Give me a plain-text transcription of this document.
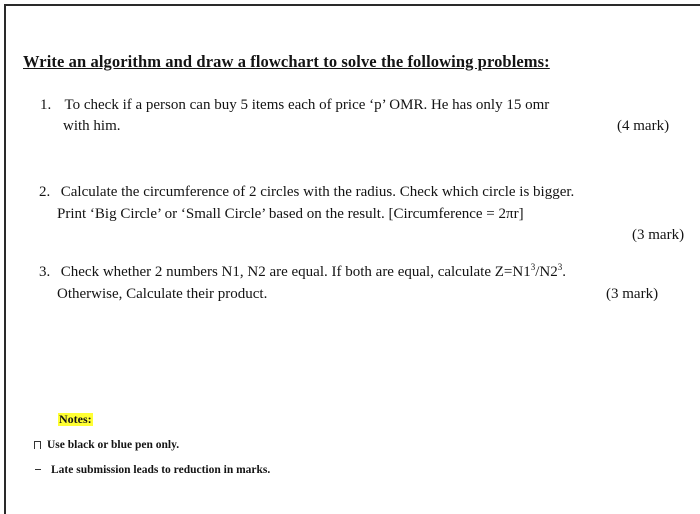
Write an algorithm and draw a flowchart to solve the following problems:
1. To check if a person can buy 5 items each of price ‘p’ OMR. He has only 15 omr
with him.	(4 mark)
2. Calculate the circumference of 2 circles with the radius. Check which circle is bigger.
Print ‘Big Circle’ or ‘Small Circle’ based on the result. [Circumference = 2πr]
(3 mark)
3. Check whether 2 numbers N1, N2 are equal. If both are equal, calculate $Z=N1^3/N2^3$.
Otherwise, Calculate their product.	(3 mark)
Notes:
Use black or blue pen only.
Late submission leads to reduction in marks.
